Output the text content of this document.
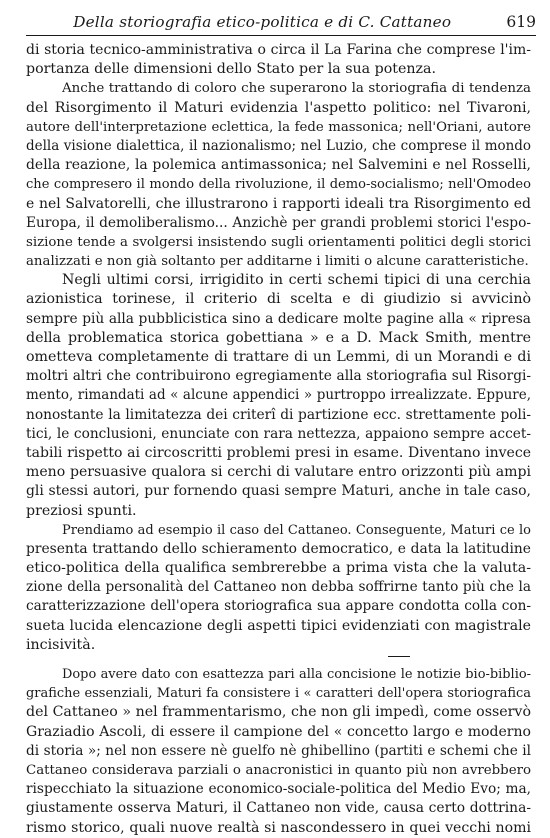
Della storiografia etico-politica e di C. Cattaneo	619
di storia tecnico-amministrativa o circa il La Farina che comprese l'im-
portanza delle dimensioni dello Stato per la sua potenza.
Anche trattando di coloro che superarono la storiografia di tendenza
del Risorgimento il Maturi evidenzia l'aspetto politico: nel Tivaroni,
autore dell'interpretazione eclettica, la fede massonica; nell'Oriani, autore
della visione dialettica, il nazionalismo; nel Luzio, che comprese il mondo
della reazione, la polemica antimassonica; nel Salvemini e nel Rosselli,
che compresero il mondo della rivoluzione, il demo-socialismo; nell'Omodeo
e nel Salvatorelli, che illustrarono i rapporti ideali tra Risorgimento ed
Europa, il demoliberalismo... Anzichè per grandi problemi storici l'espo-
sizione tende a svolgersi insistendo sugli orientamenti politici degli storici
analizzati e non già soltanto per additarne i limiti o alcune caratteristiche.
Negli ultimi corsi, irrigidito in certi schemi tipici di una cerchia
azionistica torinese, il criterio di scelta e di giudizio si avvicinò
sempre più alla pubblicistica sino a dedicare molte pagine alla « ripresa
della problematica storica gobettiana » e a D. Mack Smith, mentre
ometteva completamente di trattare di un Lemmi, di un Morandi e di
moltri altri che contribuirono egregiamente alla storiografia sul Risorgi-
mento, rimandati ad « alcune appendici » purtroppo irrealizzate. Eppure,
nonostante la limitatezza dei criterî di partizione ecc. strettamente poli-
tici, le conclusioni, enunciate con rara nettezza, appaiono sempre accet-
tabili rispetto ai circoscritti problemi presi in esame. Diventano invece
meno persuasive qualora si cerchi di valutare entro orizzonti più ampi
gli stessi autori, pur fornendo quasi sempre Maturi, anche in tale caso,
preziosi spunti.
Prendiamo ad esempio il caso del Cattaneo. Conseguente, Maturi ce lo
presenta trattando dello schieramento democratico, e data la latitudine
etico-politica della qualifica sembrerebbe a prima vista che la valuta-
zione della personalità del Cattaneo non debba soffrirne tanto più che la
caratterizzazione dell'opera storiografica sua appare condotta colla con-
sueta lucida elencazione degli aspetti tipici evidenziati con magistrale
incisività.
Dopo avere dato con esattezza pari alla concisione le notizie bio-biblio-
grafiche essenziali, Maturi fa consistere i « caratteri dell'opera storiografica
del Cattaneo » nel frammentarismo, che non gli impedì, come osservò
Graziadio Ascoli, di essere il campione del « concetto largo e moderno
di storia »; nel non essere nè guelfo nè ghibellino (partiti e schemi che il
Cattaneo considerava parziali o anacronistici in quanto più non avrebbero
rispecchiato la situazione economico-sociale-politica del Medio Evo; ma,
giustamente osserva Maturi, il Cattaneo non vide, causa certo dottrina-
rismo storico, quali nuove realtà si nascondessero in quei vecchi nomi
